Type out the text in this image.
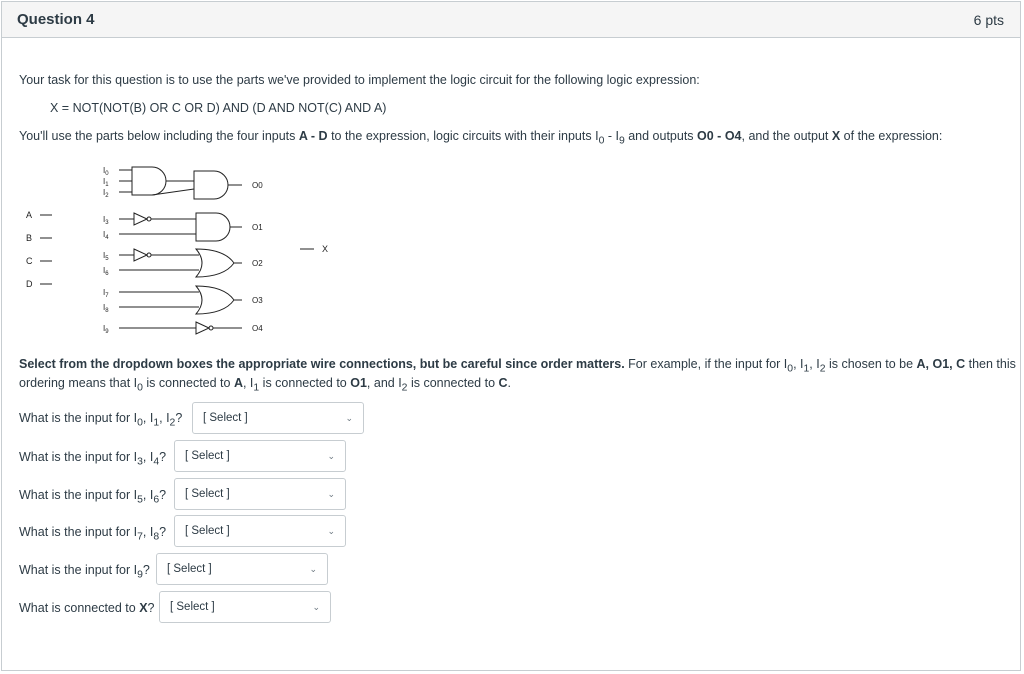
Question 4	6 pts
Your task for this question is to use the parts we've provided to implement the logic circuit for the following logic expression:
X = NOT(NOT(B) OR C OR D) AND (D AND NOT(C) AND A)
You'll use the parts below including the four inputs A - D to the expression, logic circuits with their inputs $I_0 - I_9$ and outputs O0 - O4, and the output X of the expression:
A
B
C
D
X
$I_0$
$I_1$
$I_2$
$I_3$
$I_4$
$I_5$
$I_6$
$I_7$
$I_8$
$I_9$
O0
O1
O2
O3
O4
Select from the dropdown boxes the appropriate wire connections, but be careful since order matters. For example, if the input for $I_0$, $I_1$, $I_2$ is chosen to be A, O1, C then this
ordering means that $I_0$ is connected to A, $I_1$ is connected to O1, and $I_2$ is connected to C.
What is the input for $I_0$, $I_1$, $I_2$? [ Select ]	⌄
What is the input for $I_3$, $I_4$? [ Select ]	⌄
What is the input for $I_5$, $I_6$? [ Select ]	⌄
What is the input for $I_7$, $I_8$? [ Select ]	⌄
What is the input for $I_9$? [ Select ]	⌄
What is connected to X? [ Select ]	⌄
